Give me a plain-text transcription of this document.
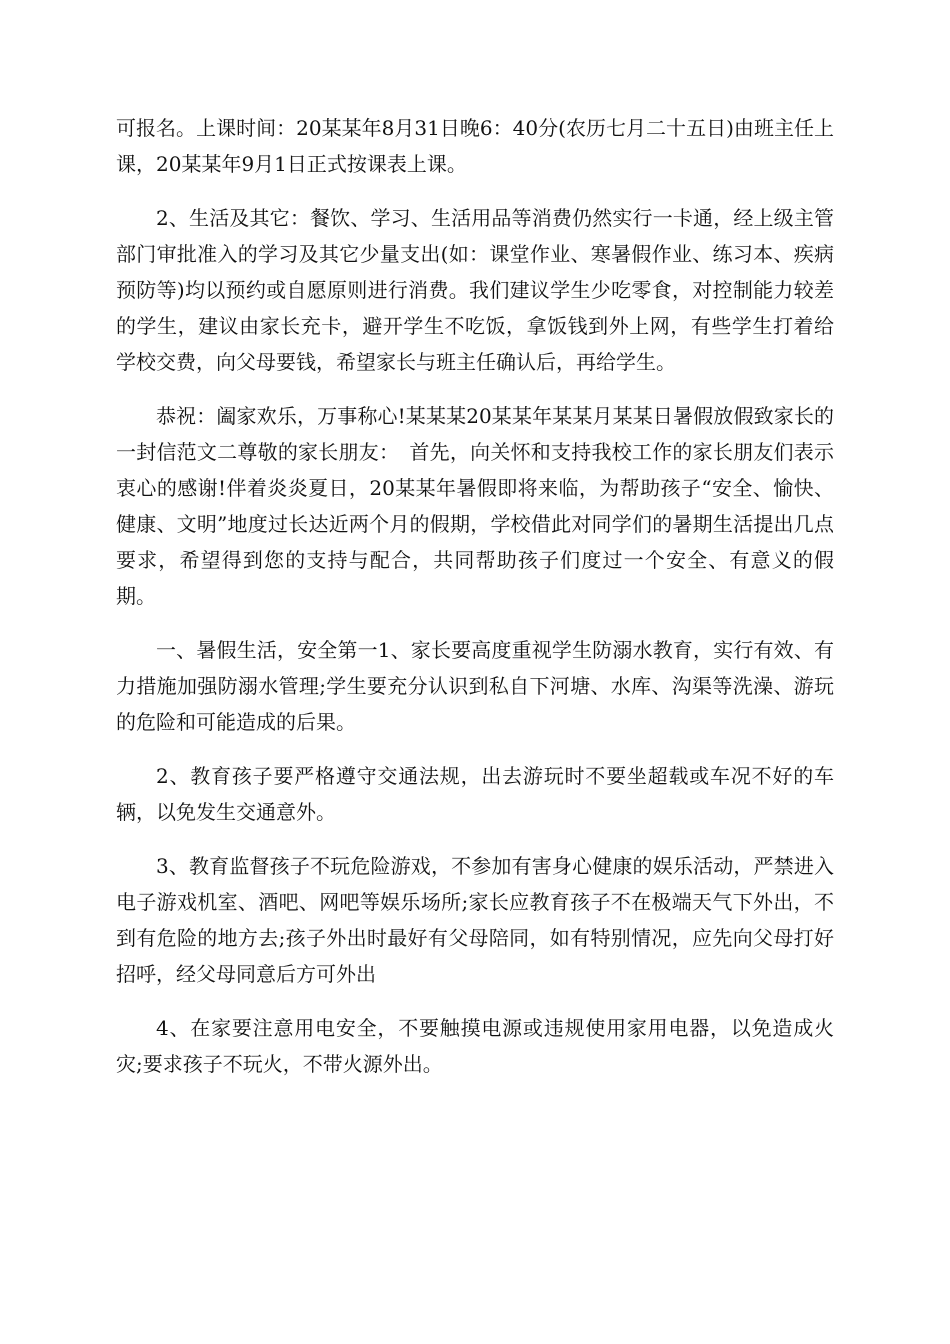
可报名。上课时间：20某某年8月31日晚6：40分(农历七月二十五日)由班主任上课，20某某年9月1日正式按课表上课。

2、生活及其它：餐饮、学习、生活用品等消费仍然实行一卡通，经上级主管部门审批准入的学习及其它少量支出(如：课堂作业、寒暑假作业、练习本、疾病预防等)均以预约或自愿原则进行消费。我们建议学生少吃零食，对控制能力较差的学生，建议由家长充卡，避开学生不吃饭，拿饭钱到外上网，有些学生打着给学校交费，向父母要钱，希望家长与班主任确认后，再给学生。

恭祝：阖家欢乐，万事称心!某某某20某某年某某月某某日暑假放假致家长的一封信范文二尊敬的家长朋友：　首先，向关怀和支持我校工作的家长朋友们表示衷心的感谢!伴着炎炎夏日，20某某年暑假即将来临，为帮助孩子“安全、愉快、健康、文明”地度过长达近两个月的假期，学校借此对同学们的暑期生活提出几点要求，希望得到您的支持与配合，共同帮助孩子们度过一个安全、有意义的假期。

一、暑假生活，安全第一1、家长要高度重视学生防溺水教育，实行有效、有力措施加强防溺水管理;学生要充分认识到私自下河塘、水库、沟渠等洗澡、游玩的危险和可能造成的后果。

2、教育孩子要严格遵守交通法规，出去游玩时不要坐超载或车况不好的车辆，以免发生交通意外。

3、教育监督孩子不玩危险游戏，不参加有害身心健康的娱乐活动，严禁进入电子游戏机室、酒吧、网吧等娱乐场所;家长应教育孩子不在极端天气下外出，不到有危险的地方去;孩子外出时最好有父母陪同，如有特别情况，应先向父母打好招呼，经父母同意后方可外出

4、在家要注意用电安全，不要触摸电源或违规使用家用电器，以免造成火灾;要求孩子不玩火，不带火源外出。
